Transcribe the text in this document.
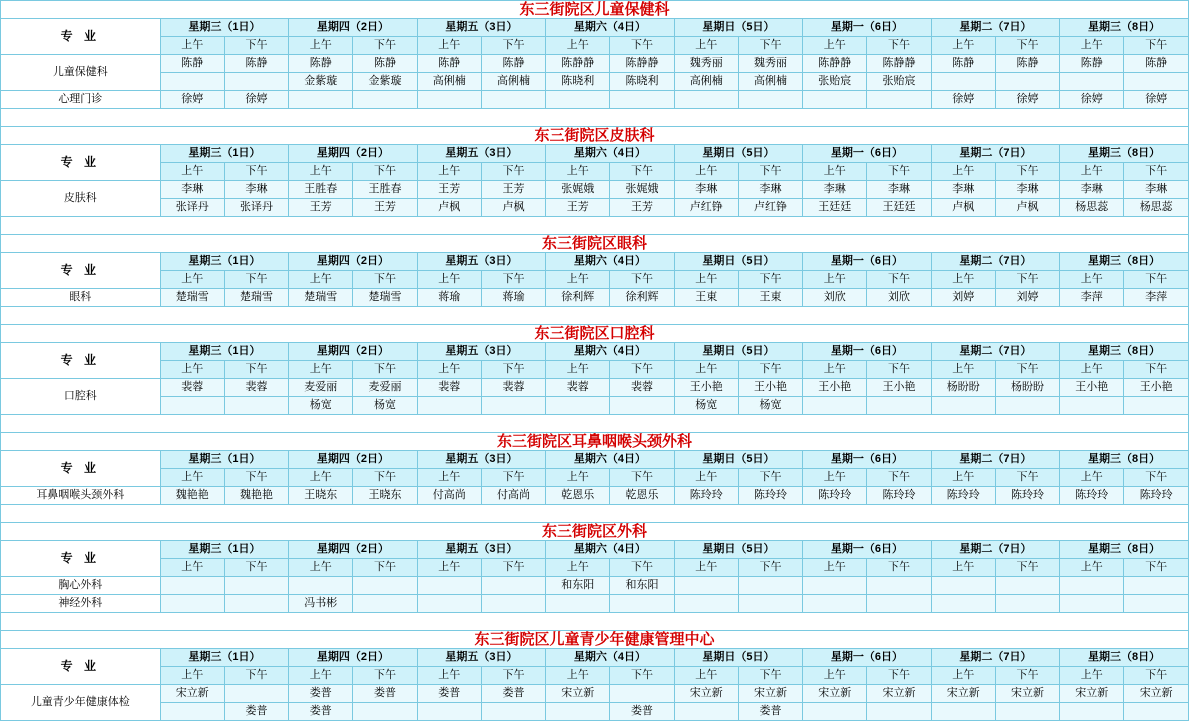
东三街院区儿童保健科																
专 业	星期三（1日）		星期四（2日）		星期五（3日）		星期六（4日）		星期日（5日）		星期一（6日）		星期二（7日）		星期三（8日）	
	上午	下午	上午	下午	上午	下午	上午	下午	上午	下午	上午	下午	上午	下午	上午	下午
儿童保健科	陈静	陈静	陈静	陈静	陈静	陈静	陈静静	陈静静	魏秀丽	魏秀丽	陈静静	陈静静	陈静	陈静	陈静	陈静
			金紫璇	金紫璇	高俐楠	高俐楠	陈晓利	陈晓利	高俐楠	高俐楠	张贻宸	张贻宸				
心理门诊	徐婷	徐婷											徐婷	徐婷	徐婷	徐婷

东三街院区皮肤科																
专 业	星期三（1日）		星期四（2日）		星期五（3日）		星期六（4日）		星期日（5日）		星期一（6日）		星期二（7日）		星期三（8日）	
	上午	下午	上午	下午	上午	下午	上午	下午	上午	下午	上午	下午	上午	下午	上午	下午
皮肤科	李琳	李琳	王胜春	王胜春	王芳	王芳	张娓娥	张娓娥	李琳	李琳	李琳	李琳	李琳	李琳	李琳	李琳
	张译丹	张译丹	王芳	王芳	卢枫	卢枫	王芳	王芳	卢红铮	卢红铮	王廷廷	王廷廷	卢枫	卢枫	杨思蕊	杨思蕊

东三街院区眼科																
专 业	星期三（1日）		星期四（2日）		星期五（3日）		星期六（4日）		星期日（5日）		星期一（6日）		星期二（7日）		星期三（8日）	
	上午	下午	上午	下午	上午	下午	上午	下午	上午	下午	上午	下午	上午	下午	上午	下午
眼科	楚瑞雪	楚瑞雪	楚瑞雪	楚瑞雪	蒋瑜	蒋瑜	徐利辉	徐利辉	王東	王東	刘欣	刘欣	刘婷	刘婷	李萍	李萍

东三街院区口腔科																
专 业	星期三（1日）		星期四（2日）		星期五（3日）		星期六（4日）		星期日（5日）		星期一（6日）		星期二（7日）		星期三（8日）	
	上午	下午	上午	下午	上午	下午	上午	下午	上午	下午	上午	下午	上午	下午	上午	下午
口腔科	裴蓉	裴蓉	麦爱丽	麦爱丽	裴蓉	裴蓉	裴蓉	裴蓉	王小艳	王小艳	王小艳	王小艳	杨盼盼	杨盼盼	王小艳	王小艳
			杨宽	杨宽					杨宽	杨宽						

东三街院区耳鼻咽喉头颈外科																
专 业	星期三（1日）		星期四（2日）		星期五（3日）		星期六（4日）		星期日（5日）		星期一（6日）		星期二（7日）		星期三（8日）	
	上午	下午	上午	下午	上午	下午	上午	下午	上午	下午	上午	下午	上午	下午	上午	下午
耳鼻咽喉头颈外科	魏艳艳	魏艳艳	王晓东	王晓东	付高尚	付高尚	乾恩乐	乾恩乐	陈玲玲	陈玲玲	陈玲玲	陈玲玲	陈玲玲	陈玲玲	陈玲玲	陈玲玲

东三街院区外科																
专 业	星期三（1日）		星期四（2日）		星期五（3日）		星期六（4日）		星期日（5日）		星期一（6日）		星期二（7日）		星期三（8日）	
	上午	下午	上午	下午	上午	下午	上午	下午	上午	下午	上午	下午	上午	下午	上午	下午
胸心外科							和东阳	和东阳								
神经外科			冯书彬													

东三街院区儿童青少年健康管理中心																
专 业	星期三（1日）		星期四（2日）		星期五（3日）		星期六（4日）		星期日（5日）		星期一（6日）		星期二（7日）		星期三（8日）	
	上午	下午	上午	下午	上午	下午	上午	下午	上午	下午	上午	下午	上午	下午	上午	下午
儿童青少年健康体检	宋立新		娄普	娄普	娄普	娄普	宋立新		宋立新	宋立新	宋立新	宋立新	宋立新	宋立新	宋立新	宋立新
		娄普	娄普					娄普		娄普						
